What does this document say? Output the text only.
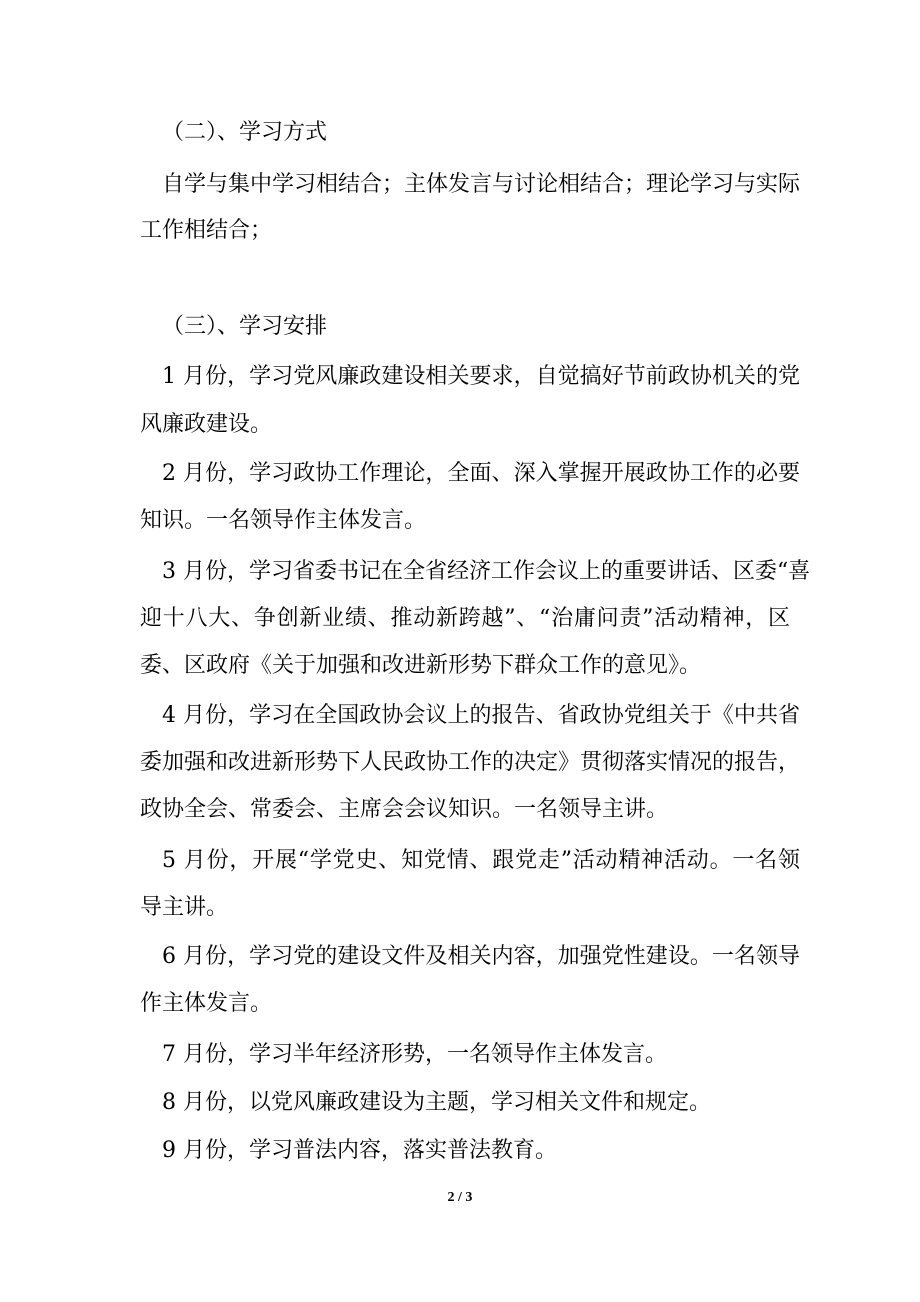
（二）、学习方式
自学与集中学习相结合；主体发言与讨论相结合；理论学习与实际
工作相结合；
（三）、学习安排
1 月份，学习党风廉政建设相关要求，自觉搞好节前政协机关的党
风廉政建设。
2 月份，学习政协工作理论，全面、深入掌握开展政协工作的必要
知识。一名领导作主体发言。
3 月份，学习省委书记在全省经济工作会议上的重要讲话、区委“喜
迎十八大、争创新业绩、推动新跨越”、“治庸问责”活动精神，区
委、区政府《关于加强和改进新形势下群众工作的意见》。
4 月份，学习在全国政协会议上的报告、省政协党组关于《中共省
委加强和改进新形势下人民政协工作的决定》贯彻落实情况的报告，
政协全会、常委会、主席会会议知识。一名领导主讲。
5 月份，开展“学党史、知党情、跟党走”活动精神活动。一名领
导主讲。
6 月份，学习党的建设文件及相关内容，加强党性建设。一名领导
作主体发言。
7 月份，学习半年经济形势，一名领导作主体发言。
8 月份，以党风廉政建设为主题，学习相关文件和规定。
9 月份，学习普法内容，落实普法教育。
2 / 3
